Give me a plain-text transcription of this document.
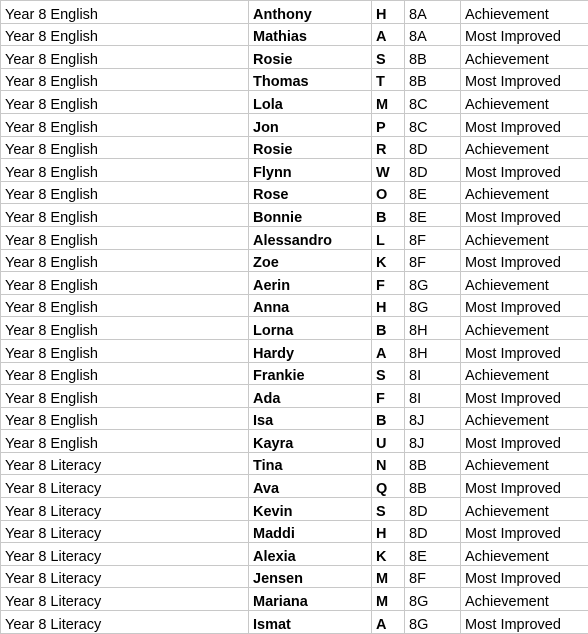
Year 8 English	Anthony	H	8A	Achievement
Year 8 English	Mathias	A	8A	Most Improved
Year 8 English	Rosie	S	8B	Achievement
Year 8 English	Thomas	T	8B	Most Improved
Year 8 English	Lola	M	8C	Achievement
Year 8 English	Jon	P	8C	Most Improved
Year 8 English	Rosie	R	8D	Achievement
Year 8 English	Flynn	W	8D	Most Improved
Year 8 English	Rose	O	8E	Achievement
Year 8 English	Bonnie	B	8E	Most Improved
Year 8 English	Alessandro	L	8F	Achievement
Year 8 English	Zoe	K	8F	Most Improved
Year 8 English	Aerin	F	8G	Achievement
Year 8 English	Anna	H	8G	Most Improved
Year 8 English	Lorna	B	8H	Achievement
Year 8 English	Hardy	A	8H	Most Improved
Year 8 English	Frankie	S	8I	Achievement
Year 8 English	Ada	F	8I	Most Improved
Year 8 English	Isa	B	8J	Achievement
Year 8 English	Kayra	U	8J	Most Improved
Year 8 Literacy	Tina	N	8B	Achievement
Year 8 Literacy	Ava	Q	8B	Most Improved
Year 8 Literacy	Kevin	S	8D	Achievement
Year 8 Literacy	Maddi	H	8D	Most Improved
Year 8 Literacy	Alexia	K	8E	Achievement
Year 8 Literacy	Jensen	M	8F	Most Improved
Year 8 Literacy	Mariana	M	8G	Achievement
Year 8 Literacy	Ismat	A	8G	Most Improved
